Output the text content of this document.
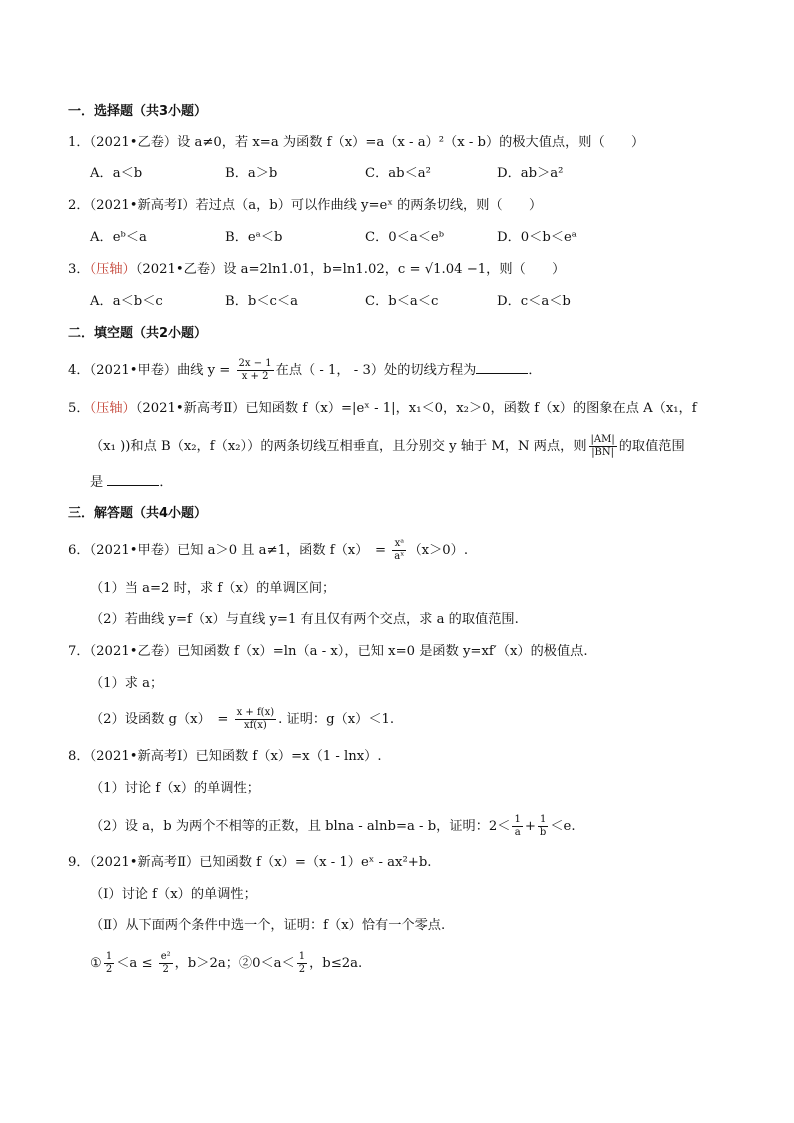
一．选择题（共3小题）
1．（2021•乙卷）设 a≠0，若 x=a 为函数 f（x）=a（x - a）²（x - b）的极大值点，则（　　）
A．a＜b	B．a＞b	C．ab＜a²	D．ab＞a²
2．（2021•新高考Ⅰ）若过点（a，b）可以作曲线 y=eˣ 的两条切线，则（　　）
A．eᵇ＜a	B．eᵃ＜b	C．0＜a＜eᵇ	D．0＜b＜eᵃ
3．（压轴）（2021•乙卷）设 a=2ln1.01，b=ln1.02，c = √1.04 −1，则（　　）
A．a＜b＜c	B．b＜c＜a	C．b＜a＜c	D．c＜a＜b
二．填空题（共2小题）
4．（2021•甲卷）曲线 $y = \frac{2x - 1}{x + 2}$ 在点（ - 1， - 3）处的切线方程为	．
5．（压轴）（2021•新高考Ⅱ）已知函数 f（x）=|eˣ - 1|，x₁＜0，x₂＞0，函数 f（x）的图象在点 A（x₁，f
（x₁ ))和点 B（x₂，f（x₂））的两条切线互相垂直，且分别交 y 轴于 M，N 两点，则 $\frac{|AM|}{|BN|}$ 的取值范围
是	．
三．解答题（共4小题）
6．（2021•甲卷）已知 a＞0 且 a≠1，函数 f（x）　= $\frac{\text{xᵃ}}{\text{aˣ}} (x>0)$.
（1）当 a=2 时，求 f（x）的单调区间；
（2）若曲线 y=f（x）与直线 y=1 有且仅有两个交点，求 a 的取值范围.
7．（2021•乙卷）已知函数 f（x）=ln（a - x），已知 x=0 是函数 y=xf′（x）的极值点.
（1）求 a；
（2）设函数 g（x）　= $\frac{x + f(x)}{xf(x)}$ . 证明：g（x）＜1.
8．（2021•新高考Ⅰ）已知函数 f（x）=x（1 - lnx）.
（1）讨论 f（x）的单调性；
（2）设 a，b 为两个不相等的正数，且 blna - alnb=a - b，证明：$2< \frac{1}{a} + \frac{1}{b} <e$.
9．（2021•新高考Ⅱ）已知函数 f（x）=（x - 1）eˣ - ax²+b.
（Ⅰ）讨论 f（x）的单调性；
（Ⅱ）从下面两个条件中选一个，证明：f（x）恰有一个零点.
① $\frac{1}{2} <a \le \frac{\text{e²}}{2}$ ，b＞2a；②0＜a＜ $\frac{1}{2}$ ，b≤2a.
